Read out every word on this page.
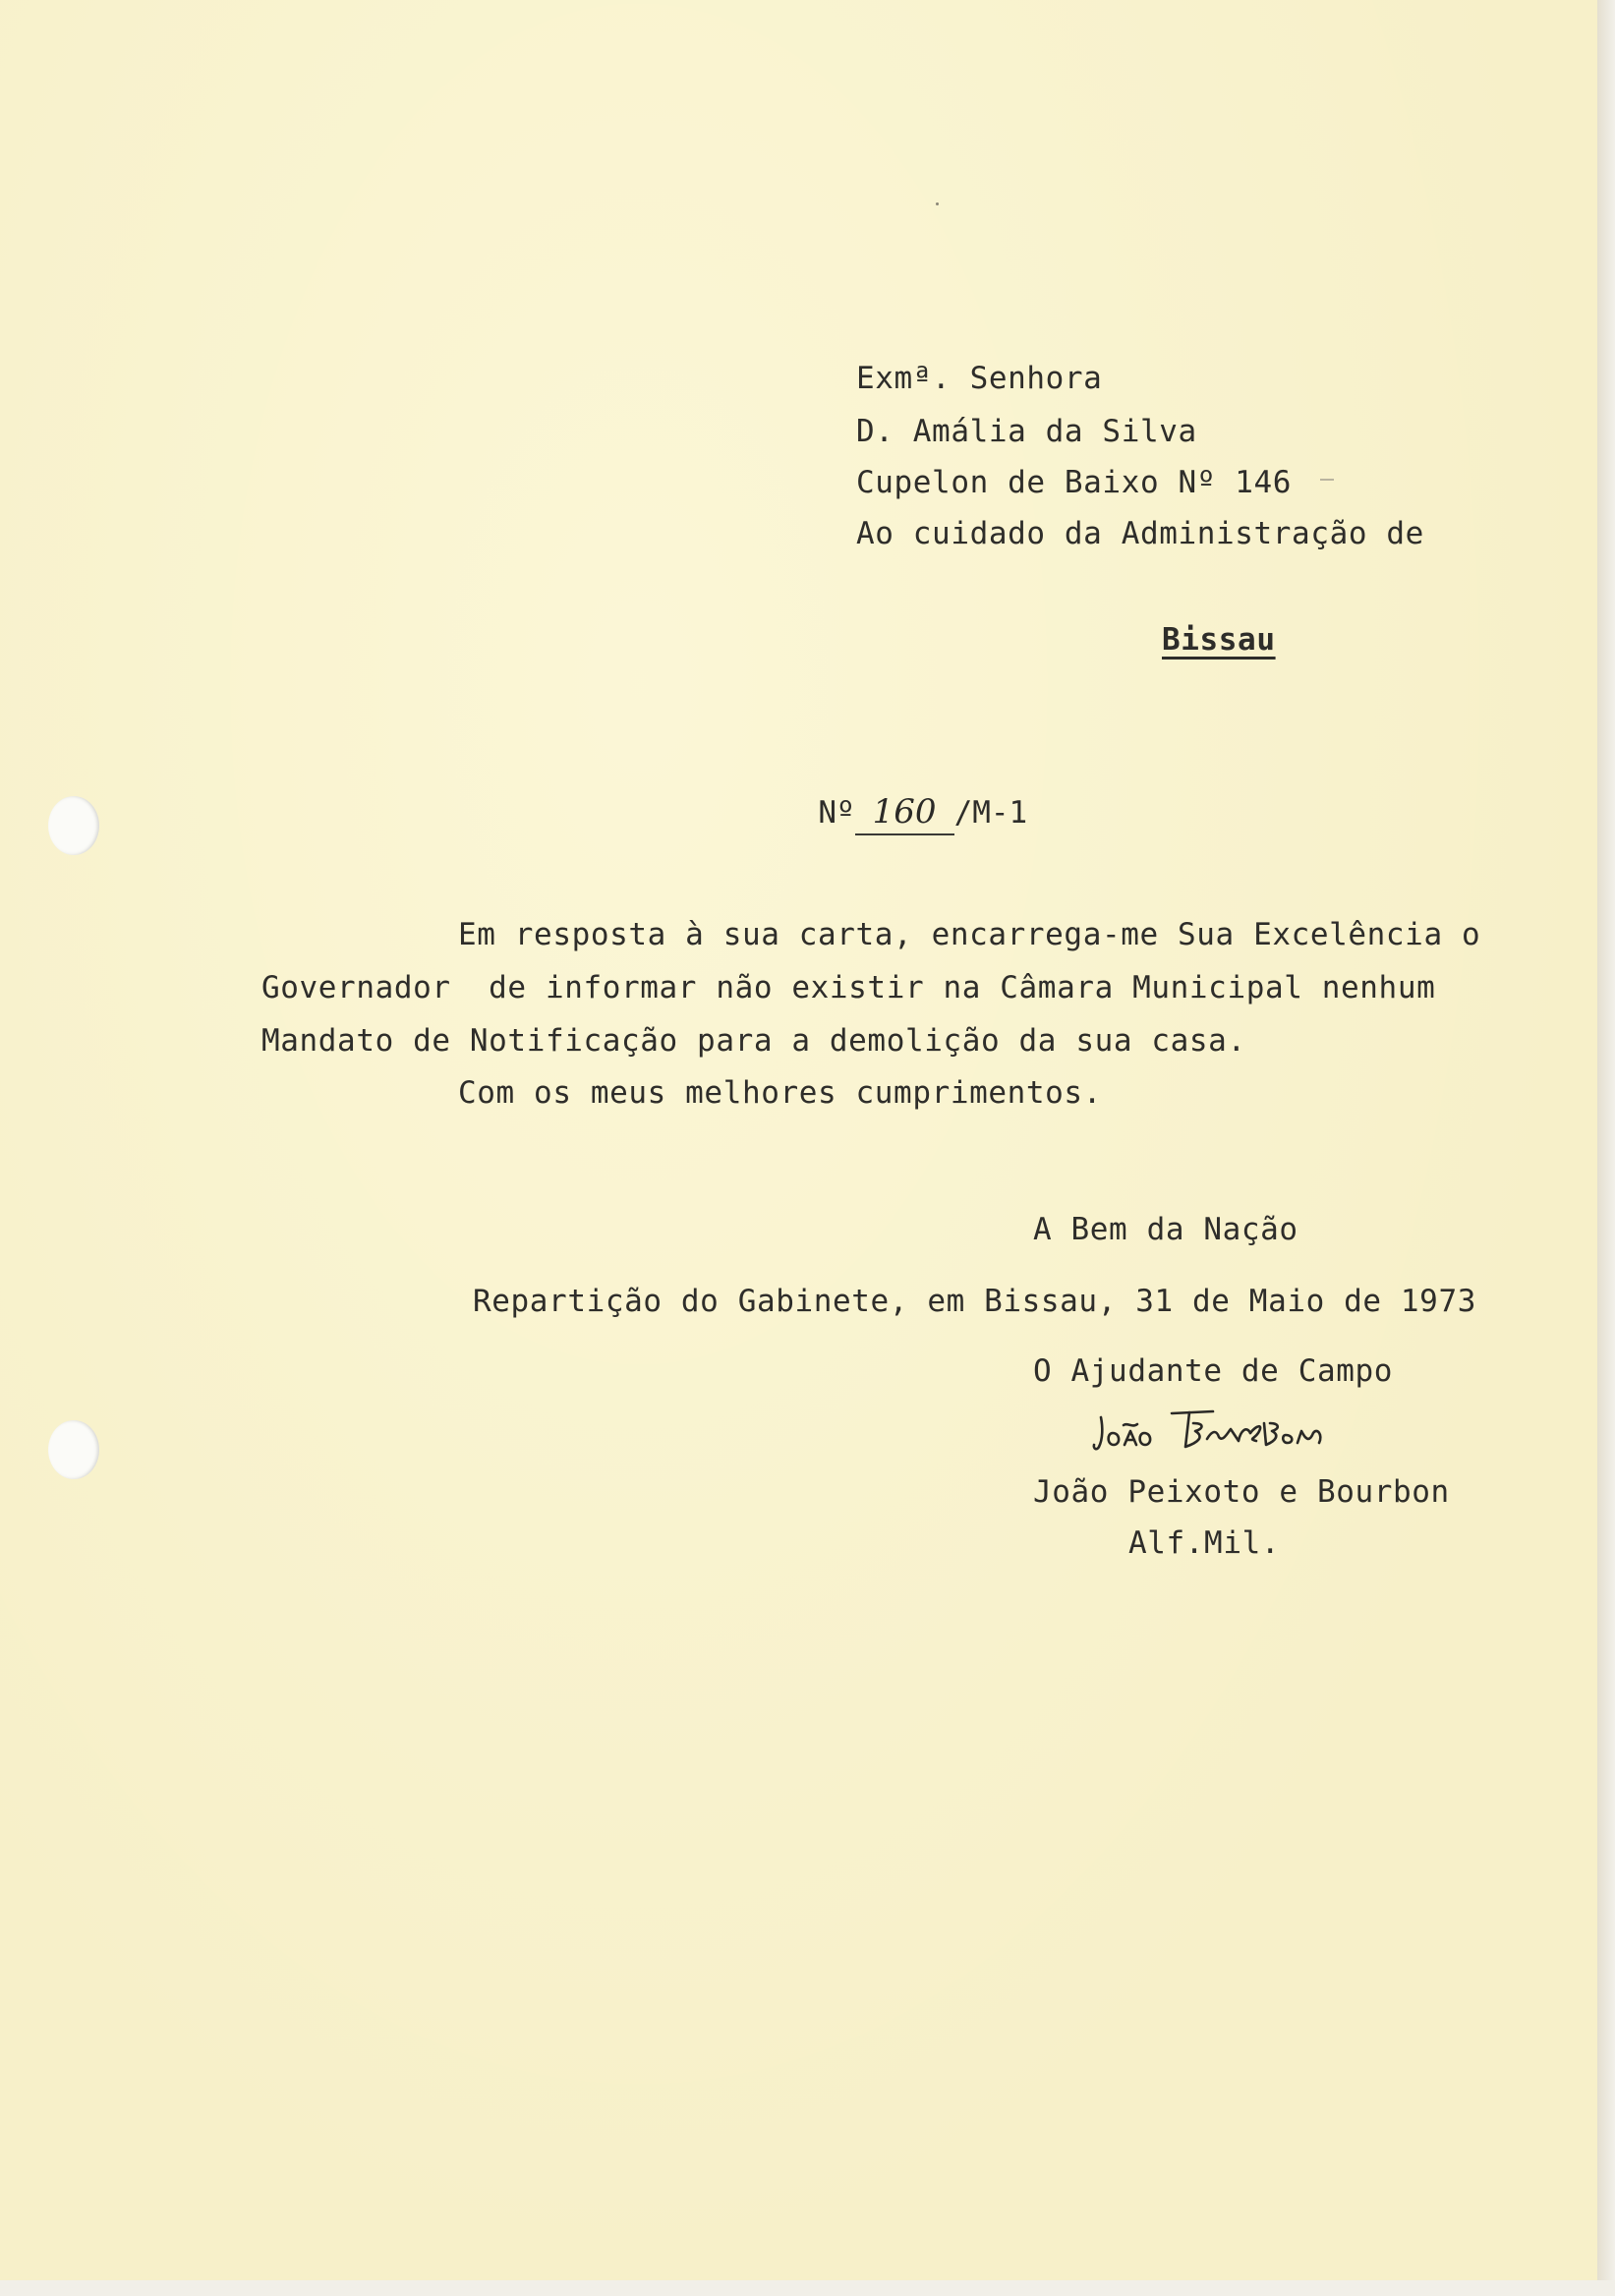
Exmª. Senhora
D. Amália da Silva
Cupelon de Baixo Nº 146
Ao cuidado da Administração de
Bissau

Nº 160 /M-1

Em resposta à sua carta, encarrega-me Sua Excelência o
Governador  de informar não existir na Câmara Municipal nenhum
Mandato de Notificação para a demolição da sua casa.
Com os meus melhores cumprimentos.
A Bem da Nação
Repartição do Gabinete, em Bissau, 31 de Maio de 1973
O Ajudante de Campo
João Peixoto e Bourbon
Alf.Mil.
